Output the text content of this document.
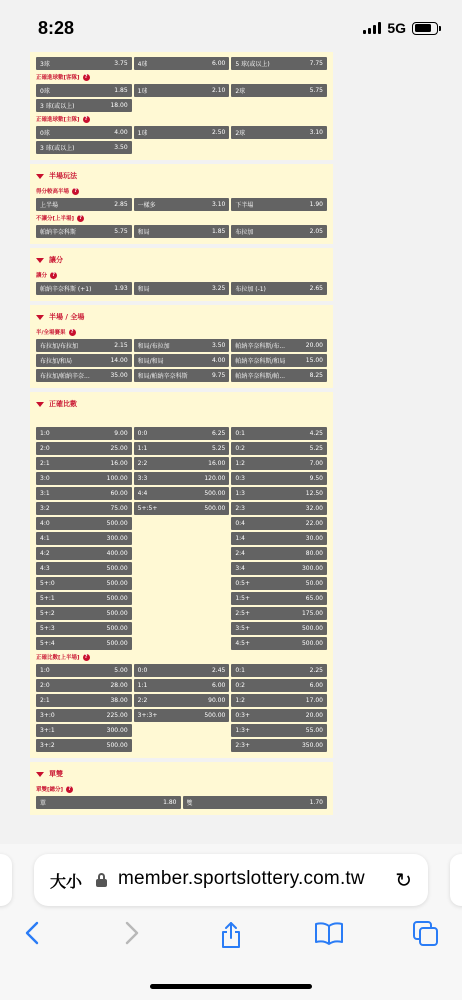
8:28	5G
3球	3.75 4球	6.00 5 球(或以上)	7.75
正確進球數[客隊]	?
0球	1.85 1球	2.10 2球	5.75
3 球(或以上)	18.00
正確進球數[主隊]	?
0球	4.00 1球	2.50 2球	3.10
3 球(或以上)	3.50
半場玩法
得分較高半場	?
上半場	2.85 一樣多	3.10 下半場	1.90
不讓分[上半場]	?
帕納辛奈科斯	5.75 和局	1.85 布拉加	2.05
讓分
讓分	?
帕納辛奈科斯 (+1)	1.93 和局	3.25 布拉加 (-1)	2.65
半場 / 全場
半/全場賽果	?
布拉加/布拉加	2.15 和局/布拉加	3.50 帕納辛奈科斯/布...	20.00
布拉加/和局	14.00 和局/和局	4.00 帕納辛奈科斯/和局	15.00
布拉加/帕納辛奈...	35.00 和局/帕納辛奈科斯	9.75 帕納辛奈科斯/帕...	8.25
正確比數
1:0	9.00 0:0	6.25 0:1	4.25
2:0	25.00 1:1	5.25 0:2	5.25
2:1	16.00 2:2	16.00 1:2	7.00
3:0	100.00 3:3	120.00 0:3	9.50
3:1	60.00 4:4	500.00 1:3	12.50
3:2	75.00 5+:5+	500.00 2:3	32.00
4:0	500.00	0:4	22.00
4:1	300.00	1:4	30.00
4:2	400.00	2:4	80.00
4:3	500.00	3:4	300.00
5+:0	500.00	0:5+	50.00
5+:1	500.00	1:5+	65.00
5+:2	500.00	2:5+	175.00
5+:3	500.00	3:5+	500.00
5+:4	500.00	4:5+	500.00
正確比數[上半場]	?
1:0	5.00 0:0	2.45 0:1	2.25
2:0	28.00 1:1	6.00 0:2	6.00
2:1	38.00 2:2	90.00 1:2	17.00
3+:0	225.00 3+:3+	500.00 0:3+	20.00
3+:1	300.00	1:3+	55.00
3+:2	500.00	2:3+	350.00
單雙
單雙[總分]	?
單	1.80 雙	1.70
大小 member.sportslottery.com.tw ↻
